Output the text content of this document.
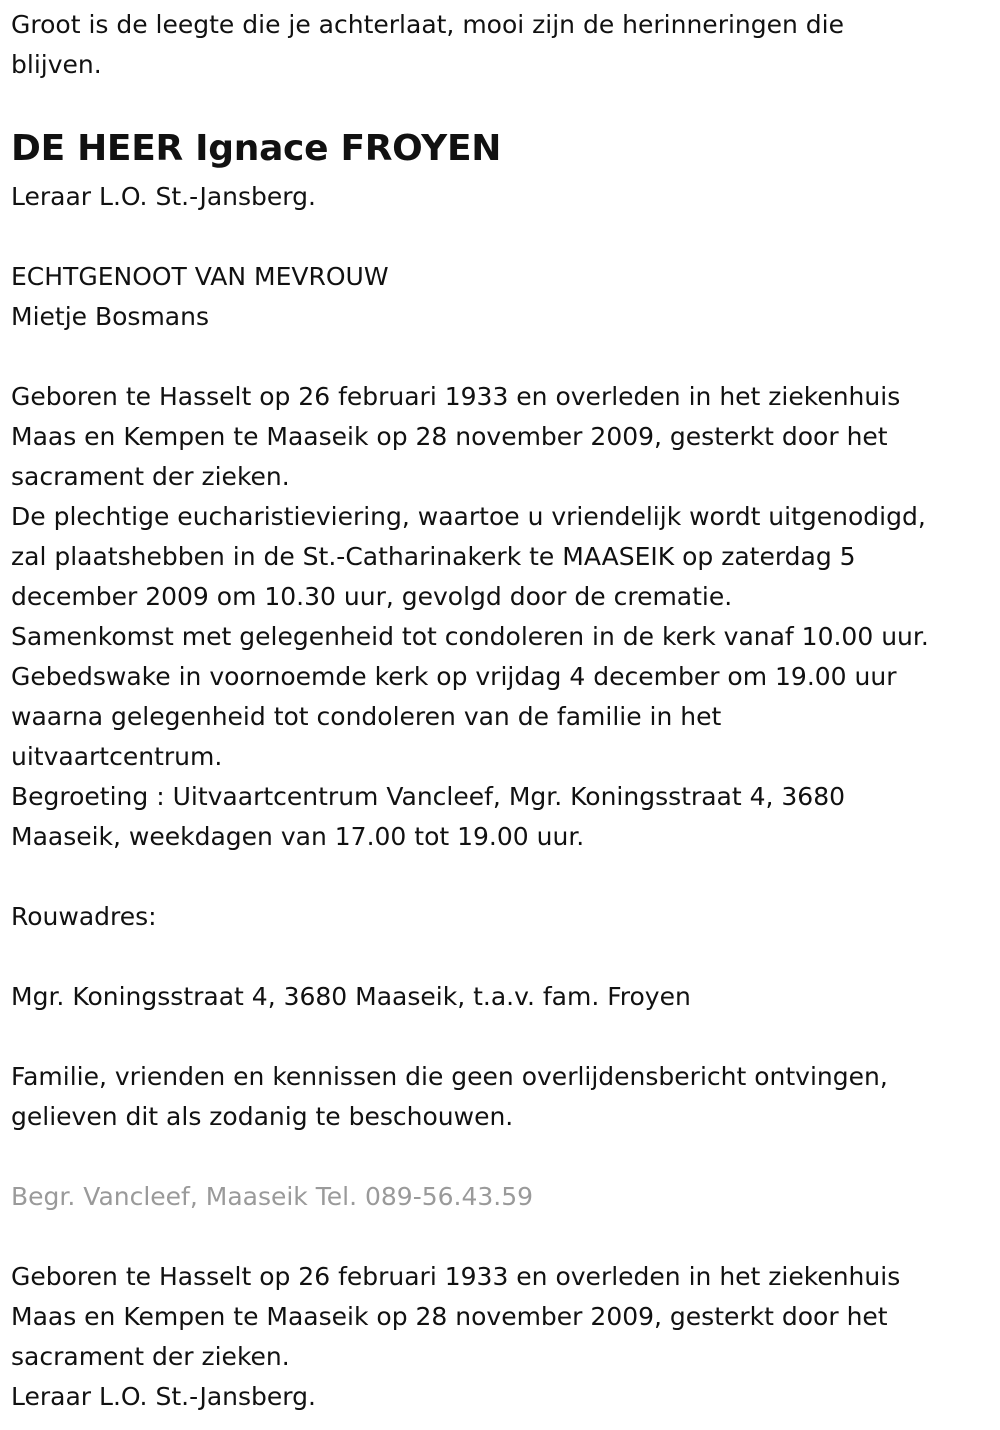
Groot is de leegte die je achterlaat, mooi zijn de herinneringen die
blijven.
DE HEER Ignace FROYEN
Leraar L.O. St.-Jansberg.
ECHTGENOOT VAN MEVROUW
Mietje Bosmans
Geboren te Hasselt op 26 februari 1933 en overleden in het ziekenhuis
Maas en Kempen te Maaseik op 28 november 2009, gesterkt door het
sacrament der zieken.
De plechtige eucharistieviering, waartoe u vriendelijk wordt uitgenodigd,
zal plaatshebben in de St.-Catharinakerk te MAASEIK op zaterdag 5
december 2009 om 10.30 uur, gevolgd door de crematie.
Samenkomst met gelegenheid tot condoleren in de kerk vanaf 10.00 uur.
Gebedswake in voornoemde kerk op vrijdag 4 december om 19.00 uur
waarna gelegenheid tot condoleren van de familie in het
uitvaartcentrum.
Begroeting : Uitvaartcentrum Vancleef, Mgr. Koningsstraat 4, 3680
Maaseik, weekdagen van 17.00 tot 19.00 uur.
Rouwadres:
Mgr. Koningsstraat 4, 3680 Maaseik, t.a.v. fam. Froyen
Familie, vrienden en kennissen die geen overlijdensbericht ontvingen,
gelieven dit als zodanig te beschouwen.
Begr. Vancleef, Maaseik Tel. 089-56.43.59
Geboren te Hasselt op 26 februari 1933 en overleden in het ziekenhuis
Maas en Kempen te Maaseik op 28 november 2009, gesterkt door het
sacrament der zieken.
Leraar L.O. St.-Jansberg.
